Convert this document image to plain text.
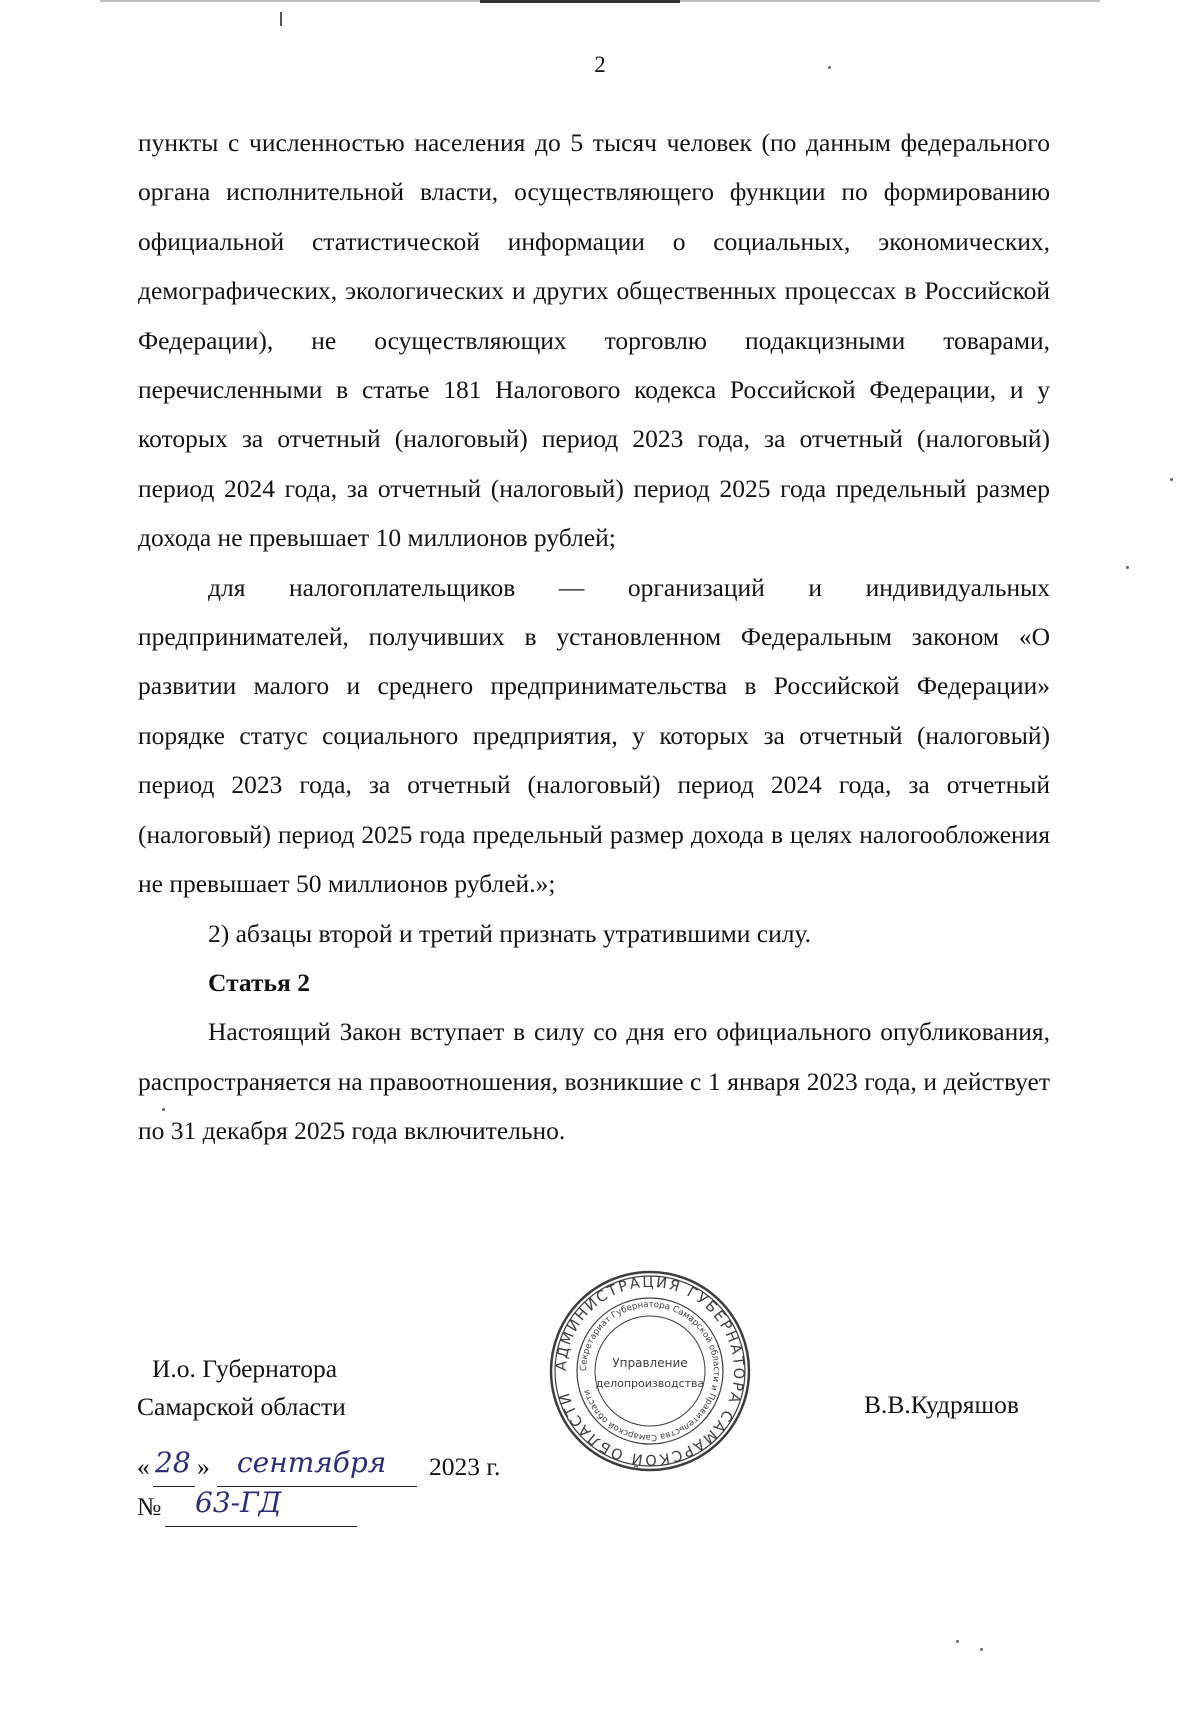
2

пункты с численностью населения до 5 тысяч человек (по данным федерального органа исполнительной власти, осуществляющего функции по формированию официальной статистической информации о социальных, экономических, демографических, экологических и других общественных процессах в Российской Федерации), не осуществляющих торговлю подакцизными товарами, перечисленными в статье 181 Налогового кодекса Российской Федерации, и у которых за отчетный (налоговый) период 2023 года, за отчетный (налоговый) период 2024 года, за отчетный (налоговый) период 2025 года предельный размер дохода не превышает 10 миллионов рублей;

для налогоплательщиков — организаций и индивидуальных предпринимателей, получивших в установленном Федеральным законом «О развитии малого и среднего предпринимательства в Российской Федерации» порядке статус социального предприятия, у которых за отчетный (налоговый) период 2023 года, за отчетный (налоговый) период 2024 года, за отчетный (налоговый) период 2025 года предельный размер дохода в целях налогообложения не превышает 50 миллионов рублей.»;

2) абзацы второй и третий признать утратившими силу.

Статья 2

Настоящий Закон вступает в силу со дня его официального опубликования, распространяется на правоотношения, возникшие с 1 января 2023 года, и действует по 31 декабря 2025 года включительно.

И.о. Губернатора
Самарской области	В.В.Кудряшов
АДМИНИСТРАЦИЯ ГУБЕРНАТОРА САМАРСКОЙ ОБЛАСТИ
Секретариат Губернатора Самарской области и Правительства Самарской области
Управление
делопроизводства
« 28 » сентября 2023 г.
№ 63-ГД
